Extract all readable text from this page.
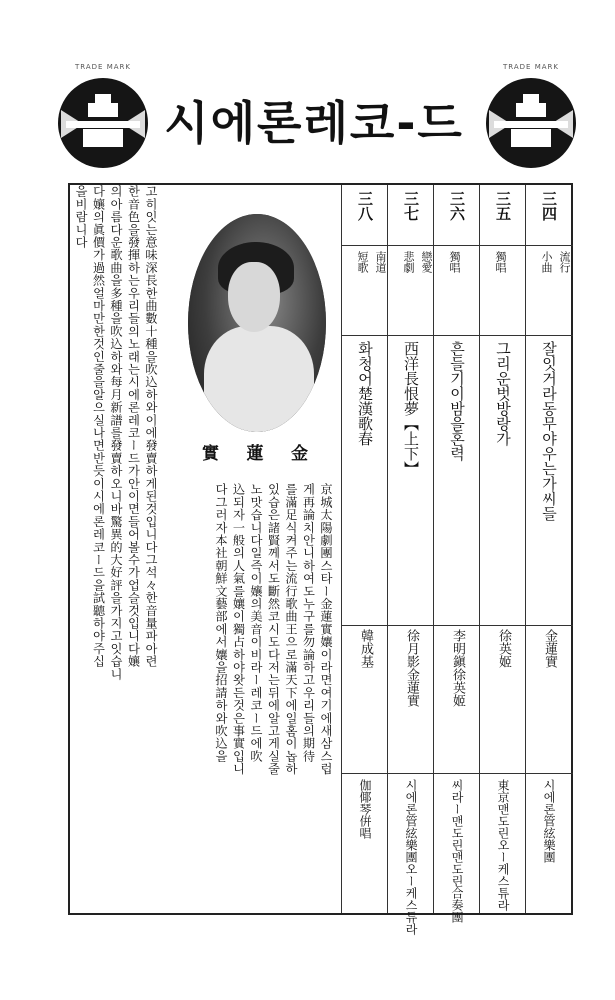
TRADE MARK
시에론레코-드
TRADE MARK
三四
流行
小曲
잘잇거라동무야우는가씨들
金蓮實
시에론管絃樂團
三五
獨唱
그리운벗방랑가
徐英姬
東京맨도린오ー케스튜라
三六
獨唱
흔들기이밤을혼력
李明鎭徐英姬
씨라ー맨도린맨도린合奏團
三七
戀愛
悲劇
西洋長恨夢【上下】
徐月影金蓮實
시에론管絃樂團오ー케스튜라
三八
南道
短歌
화청어楚漢歌春
韓成基
伽倻琴倂唱
實 蓮 金
京城太陽劇團스타ー金蓮實孃이라면여기에새삼스럽
게再論치안니하여도누구를勿論하고우리들의期待
를滿足식켜주는流行歌曲王으로滿天下에일홈이놉하
있습은諸賢께서도斷然코시도다저는뒤에알고게실줄
노맛습니다일즉이孃의美音이비라ー레코ー드에吹
込되자一般의人氣를孃이獨占하야왓든것은事實입니
다그러자本社朝鮮文藝部에서孃을招請하와吹込을
고히잇는意味深長한曲數十種을吹込하와이에發賣하게된것입니다그석々한音量파아련
한音色을發揮하는우리들의노래는시에론레코ー드가안이면들어볼수가업슬것입니다孃
의아름다운歌曲을多種을吹込하와每月新譜를發賣하오니바驚異的大好評을가지고잇습니
다孃의眞價가過然얼마만한것인줄을알으실나면반듯이시에론레코ー드을試聽하야주십
을비람니다
